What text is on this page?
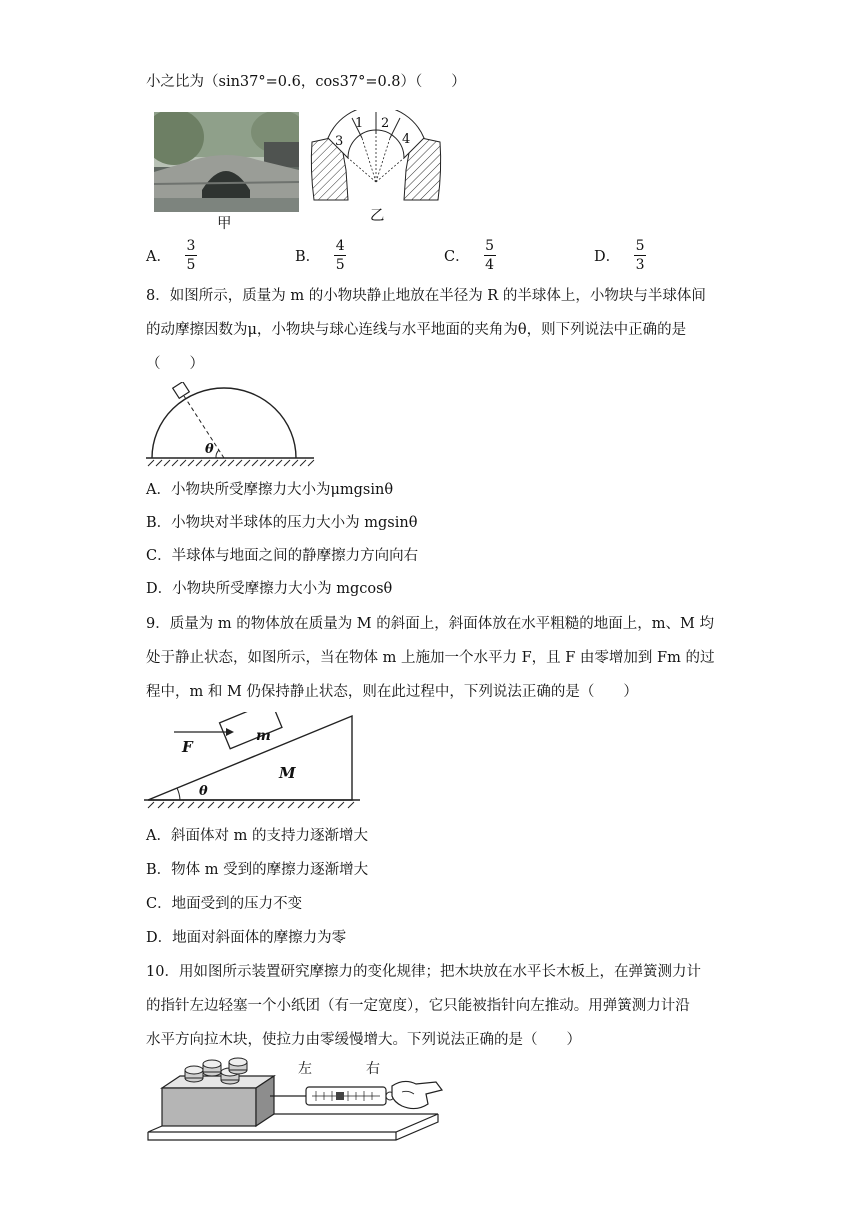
小之比为（sin37°=0.6，cos37°=0.8）（　　）
甲
1 2
3	4
乙
A． $\frac{3}{5}$	B． $\frac{4}{5}$	C． $\frac{5}{4}$	D． $\frac{5}{3}$
8．如图所示，质量为 m 的小物块静止地放在半径为 R 的半球体上，小物块与半球体间
的动摩擦因数为μ，小物块与球心连线与水平地面的夹角为θ，则下列说法中正确的是
（　　）
θ
A．小物块所受摩擦力大小为μmgsinθ
B．小物块对半球体的压力大小为 mgsinθ
C．半球体与地面之间的静摩擦力方向向右
D．小物块所受摩擦力大小为 mgcosθ
9．质量为 m 的物体放在质量为 M 的斜面上，斜面体放在水平粗糙的地面上，m、M 均
处于静止状态，如图所示，当在物体 m 上施加一个水平力 F，且 F 由零增加到 Fm 的过
程中，m 和 M 仍保持静止状态，则在此过程中，下列说法正确的是（　　）
F
m
M
θ
A．斜面体对 m 的支持力逐渐增大
B．物体 m 受到的摩擦力逐渐增大
C．地面受到的压力不变
D．地面对斜面体的摩擦力为零
10．用如图所示装置研究摩擦力的变化规律；把木块放在水平长木板上，在弹簧测力计
的指针左边轻塞一个小纸团（有一定宽度），它只能被指针向左推动。用弹簧测力计沿
水平方向拉木块，使拉力由零缓慢增大。下列说法正确的是（　　）
左	右
